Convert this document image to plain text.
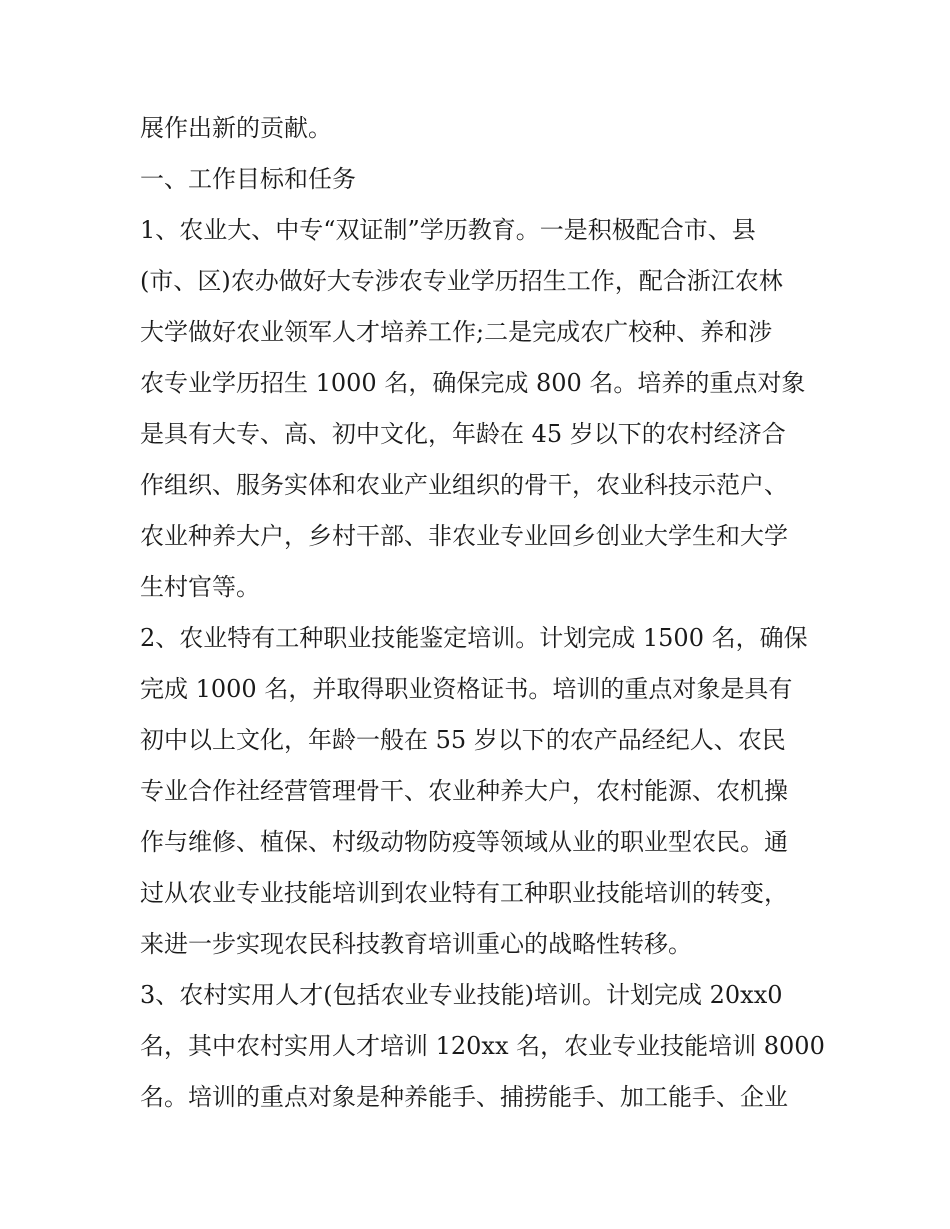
展作出新的贡献。
一、工作目标和任务
1、农业大、中专“双证制”学历教育。一是积极配合市、县
(市、区)农办做好大专涉农专业学历招生工作，配合浙江农林
大学做好农业领军人才培养工作;二是完成农广校种、养和涉
农专业学历招生 1000 名，确保完成 800 名。培养的重点对象
是具有大专、高、初中文化，年龄在 45 岁以下的农村经济合
作组织、服务实体和农业产业组织的骨干，农业科技示范户、
农业种养大户，乡村干部、非农业专业回乡创业大学生和大学
生村官等。
2、农业特有工种职业技能鉴定培训。计划完成 1500 名，确保
完成 1000 名，并取得职业资格证书。培训的重点对象是具有
初中以上文化，年龄一般在 55 岁以下的农产品经纪人、农民
专业合作社经营管理骨干、农业种养大户，农村能源、农机操
作与维修、植保、村级动物防疫等领域从业的职业型农民。通
过从农业专业技能培训到农业特有工种职业技能培训的转变，
来进一步实现农民科技教育培训重心的战略性转移。
3、农村实用人才(包括农业专业技能)培训。计划完成 20xx0
名，其中农村实用人才培训 120xx 名，农业专业技能培训 8000
名。培训的重点对象是种养能手、捕捞能手、加工能手、企业
